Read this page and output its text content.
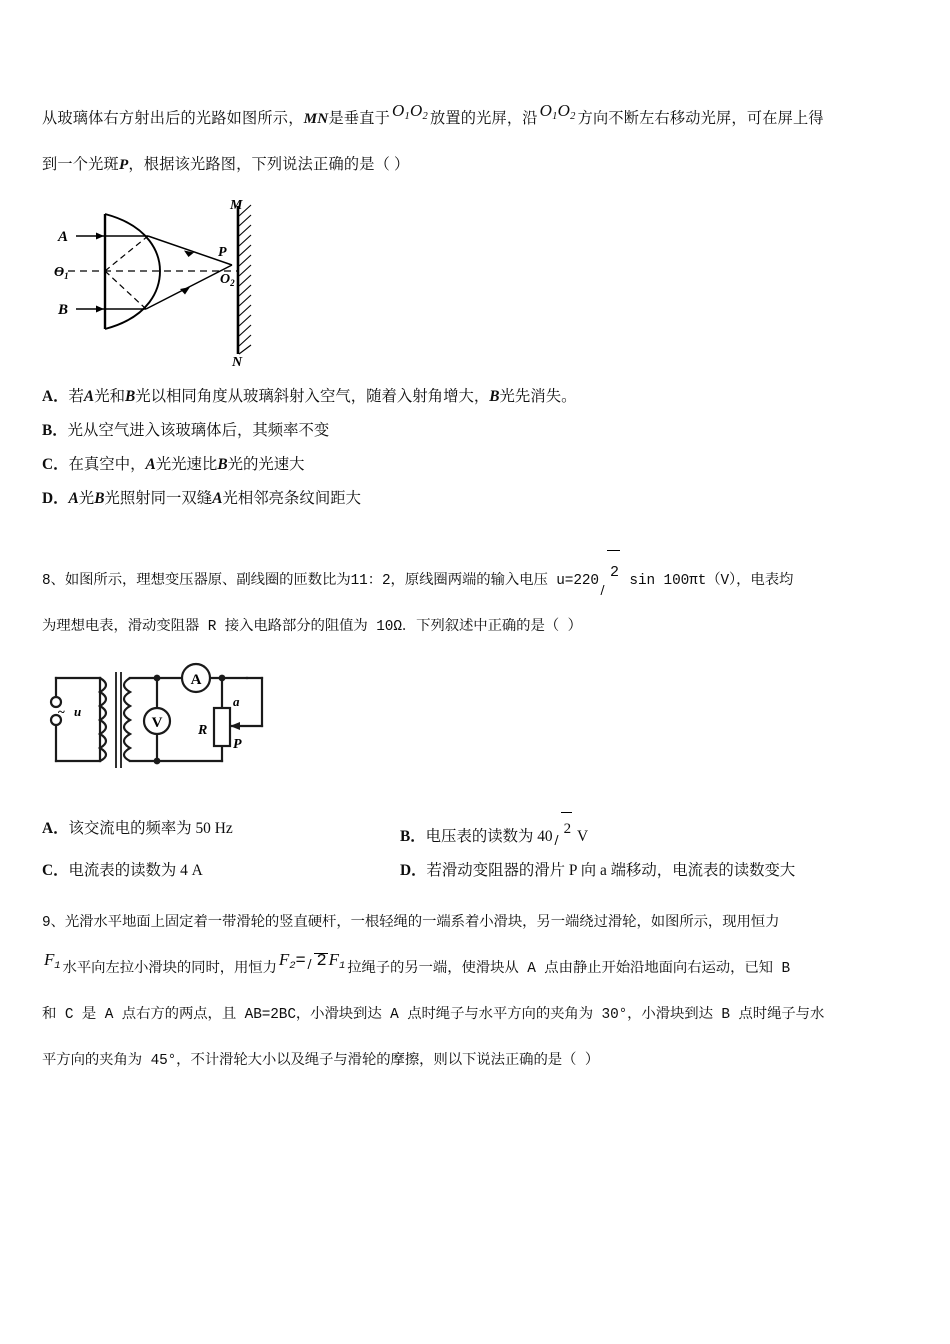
从玻璃体右方射出后的光路如图所示，MN是垂直于 $O_1O_2$ 放置的光屏，沿 $O_1O_2$ 方向不断左右移动光屏，可在屏上得
到一个光斑P，根据该光路图，下列说法正确的是（ ）
A
B
$O_1$	$O_2$
P
M
N
A．若A光和B光以相同角度从玻璃斜射入空气，随着入射角增大，B光先消失。
B．光从空气进入该玻璃体后，其频率不变
C．在真空中，A光光速比B光的光速大
D．A光B光照射同一双缝A光相邻亮条纹间距大
8、如图所示，理想变压器原、副线圈的匝数比为11：2，原线圈两端的输入电压 u=220 2 sin 100πt（V），电表均
为理想电表，滑动变阻器 R 接入电路部分的阻值为 10Ω．下列叙述中正确的是（ ）
~ u
A
V	R
a
P
A．该交流电的频率为 50 Hz	B．电压表的读数为 40 2 V
C．电流表的读数为 4 A	D．若滑动变阻器的滑片 P 向 a 端移动，电流表的读数变大
9、光滑水平地面上固定着一带滑轮的竖直硬杆，一根轻绳的一端系着小滑块，另一端绕过滑轮，如图所示，现用恒力
$F_1$ 水平向左拉小滑块的同时，用恒力 $F_2= 2$ $F_1$ 拉绳子的另一端，使滑块从 A 点由静止开始沿地面向右运动，已知 B
和 C 是 A 点右方的两点，且 AB=2BC，小滑块到达 A 点时绳子与水平方向的夹角为 30°，小滑块到达 B 点时绳子与水
平方向的夹角为 45°，不计滑轮大小以及绳子与滑轮的摩擦，则以下说法正确的是（ ）
